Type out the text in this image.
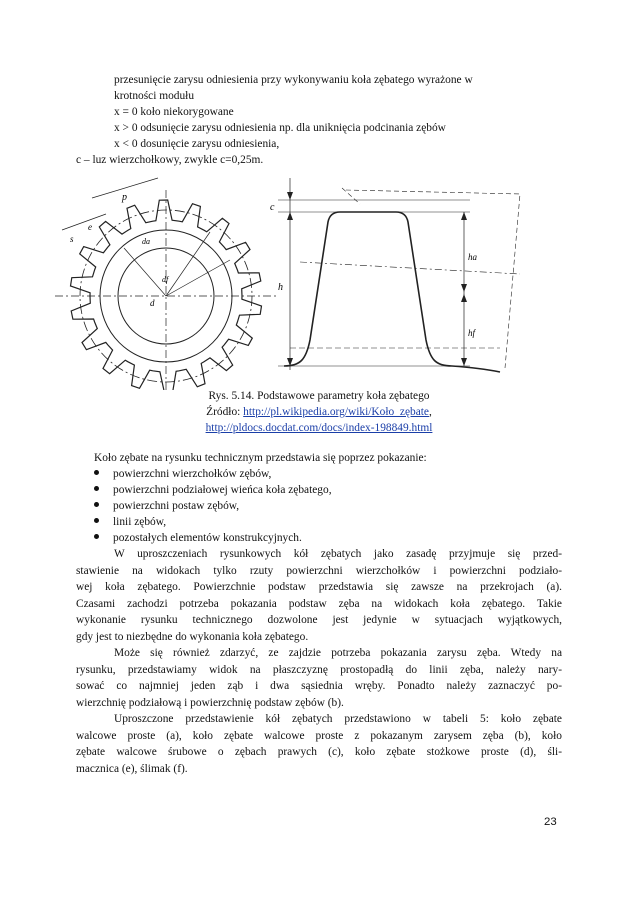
przesunięcie zarysu odniesienia przy wykonywaniu koła zębatego wyrażone w
krotności modułu
x = 0 koło niekorygowane
x > 0 odsunięcie zarysu odniesienia np. dla uniknięcia podcinania zębów
x < 0 dosunięcie zarysu odniesienia,
c – luz wierzchołkowy, zwykle c=0,25m.
p
e
s	da
d
df
c
h
ha
hf
Rys. 5.14. Podstawowe parametry koła zębatego
Źródło: http://pl.wikipedia.org/wiki/Koło_zębate,
http://pldocs.docdat.com/docs/index-198849.html
Koło zębate na rysunku technicznym przedstawia się poprzez pokazanie:
powierzchni wierzchołków zębów,
powierzchni podziałowej wieńca koła zębatego,
powierzchni postaw zębów,
linii zębów,
pozostałych elementów konstrukcyjnych.
W uproszczeniach rysunkowych kół zębatych jako zasadę przyjmuje się przed-
stawienie na widokach tylko rzuty powierzchni wierzchołków i powierzchni podziało-
wej koła zębatego. Powierzchnie podstaw przedstawia się zawsze na przekrojach (a).
Czasami zachodzi potrzeba pokazania podstaw zęba na widokach koła zębatego. Takie
wykonanie rysunku technicznego dozwolone jest jedynie w sytuacjach wyjątkowych,
gdy jest to niezbędne do wykonania koła zębatego.
Może się również zdarzyć, ze zajdzie potrzeba pokazania zarysu zęba. Wtedy na
rysunku, przedstawiamy widok na płaszczyznę prostopadłą do linii zęba, należy nary-
sować co najmniej jeden ząb i dwa sąsiednia wręby. Ponadto należy zaznaczyć po-
wierzchnię podziałową i powierzchnię podstaw zębów (b).
Uproszczone przedstawienie kół zębatych przedstawiono w tabeli 5: koło zębate
walcowe proste (a), koło zębate walcowe proste z pokazanym zarysem zęba (b), koło
zębate walcowe śrubowe o zębach prawych (c), koło zębate stożkowe proste (d), śli-
macznica (e), ślimak (f).
23
